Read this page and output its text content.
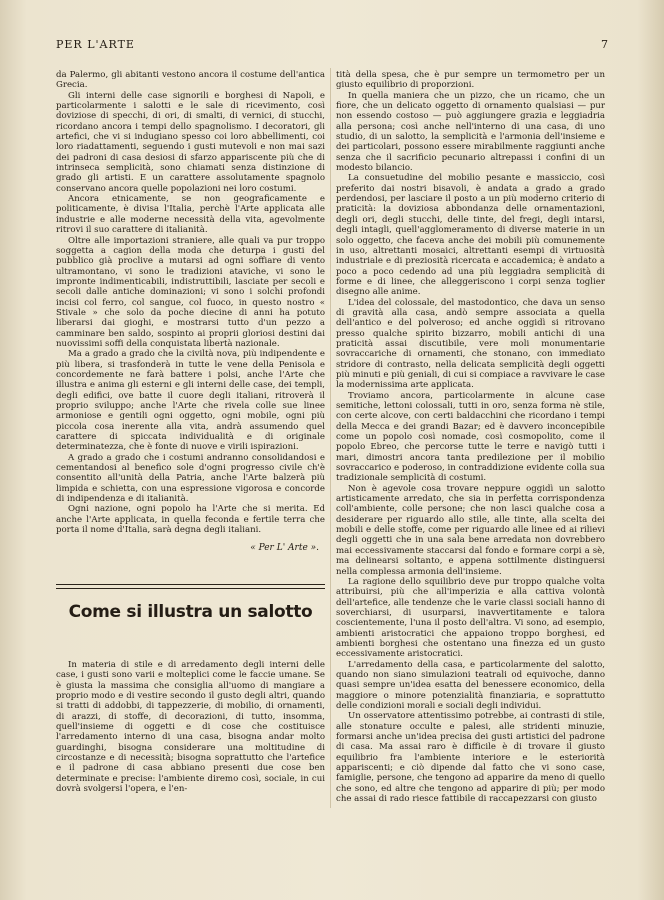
PER L'ARTE	7

da Palermo, gli abitanti vestono ancora il costume dell'antica Grecia.

Gli interni delle case signorili e borghesi di Napoli, e particolarmente i salotti e le sale di ricevimento, così doviziose di specchi, di ori, di smalti, di vernici, di stucchi, ricordano ancora i tempi dello spagnolismo. I decoratori, gli artefici, che vi si indugiano spesso coi loro abbellimenti, coi loro riadattamenti, seguendo i gusti mutevoli e non mai sazi dei padroni di casa desiosi di sfarzo appariscente più che di intrinseca semplicità, sono chiamati senza distinzione di grado gli artisti. E un carattere assolutamente spagnolo conservano ancora quelle popolazioni nei loro costumi.

Ancora etnicamente, se non geograficamente e politicamente, è divisa l'Italia, perchè l'Arte applicata alle industrie e alle moderne necessità della vita, agevolmente ritrovi il suo carattere di italianità.

Oltre alle importazioni straniere, alle quali va pur troppo soggetta a cagion della moda che deturpa i gusti del pubblico già proclive a mutarsi ad ogni soffiare di vento ultramontano, vi sono le tradizioni ataviche, vi sono le impronte indimenticabili, indistruttibili, lasciate per secoli e secoli dalle antiche dominazioni; vi sono i solchi profondi incisi col ferro, col sangue, col fuoco, in questo nostro « Stivale » che solo da poche diecine di anni ha potuto liberarsi dai gioghi, e mostrarsi tutto d'un pezzo a camminare ben saldo, sospinto ai proprii gloriosi destini dai nuovissimi soffi della conquistata libertà nazionale.

Ma a grado a grado che la civiltà nova, più indipendente e più libera, si trasfonderà in tutte le vene della Penisola e concordemente ne farà battere i polsi, anche l'Arte che illustra e anima gli esterni e gli interni delle case, dei templi, degli edifici, ove batte il cuore degli italiani, ritroverà il proprio sviluppo; anche l'Arte che rivela colle sue linee armoniose e gentili ogni oggetto, ogni mobile, ogni più piccola cosa inerente alla vita, andrà assumendo quel carattere di spiccata individualità e di originale determinatezza, che è fonte di nuove e virili ispirazioni.

A grado a grado che i costumi andranno consolidandosi e cementandosi al benefico sole d'ogni progresso civile ch'è consentito all'unità della Patria, anche l'Arte balzerà più limpida e schietta, con una espressione vigorosa e concorde di indipendenza e di italianità.

Ogni nazione, ogni popolo ha l'Arte che si merita. Ed anche l'Arte applicata, in quella feconda e fertile terra che porta il nome d'Italia, sarà degna degli italiani.

« Per L' Arte ».
Come si illustra un salotto

In materia di stile e di arredamento degli interni delle case, i gusti sono varii e molteplici come le faccie umane. Se è giusta la massima che consiglia all'uomo di mangiare a proprio modo e di vestire secondo il gusto degli altri, quando si tratti di addobbi, di tappezzerie, di mobilio, di ornamenti, di arazzi, di stoffe, di decorazioni, di tutto, insomma, quell'insieme di oggetti e di cose che costituisce l'arredamento interno di una casa, bisogna andar molto guardinghi, bisogna considerare una moltitudine di circostanze e di necessità; bisogna soprattutto che l'artefice e il padrone di casa abbiano presenti due cose ben determinate e precise: l'ambiente diremo così, sociale, in cui dovrà svolgersi l'opera, e l'en-

tità della spesa, che è pur sempre un termometro per un giusto equilibrio di proporzioni.

In quella maniera che un pizzo, che un ricamo, che un fiore, che un delicato oggetto di ornamento qualsiasi — pur non essendo costoso — può aggiungere grazia e leggiadria alla persona; così anche nell'interno di una casa, di uno studio, di un salotto, la semplicità e l'armonia dell'insieme e dei particolari, possono essere mirabilmente raggiunti anche senza che il sacrificio pecunario altrepassi i confini di un modesto bilancio.

La consuetudine del mobilio pesante e massiccio, così preferito dai nostri bisavoli, è andata a grado a grado perdendosi, per lasciare il posto a un più moderno criterio di praticità: la doviziosa abbondanza delle ornamentazioni, degli ori, degli stucchi, delle tinte, del fregi, degli intarsi, degli intagli, quell'agglomeramento di diverse materie in un solo oggetto, che faceva anche dei mobili più comunemente in uso, altrettanti mosaici, altrettanti esempi di virtuosità industriale e di preziosità ricercata e accademica; è andato a poco a poco cedendo ad una più leggiadra semplicità di forme e di linee, che alleggeriscono i corpi senza toglier disegno alle anime.

L'idea del colossale, del mastodontico, che dava un senso di gravità alla casa, andò sempre associata a quella dell'antico e del polveroso; ed anche oggidì si ritrovano presso qualche spirito bizzarro, mobili antichi di una praticità assai discutibile, vere moli monumentarie sovraccariche di ornamenti, che stonano, con immediato stridore di contrasto, nella delicata semplicità degli oggetti più minuti e più geniali, di cui si compiace a ravvivare le case la modernissima arte applicata.

Troviamo ancora, particolarmente in alcune case semitiche, lettoni colossali, tutti in oro, senza forma nè stile, con certe alcove, con certi baldacchini che ricordano i tempi della Mecca e dei grandi Bazar; ed è davvero inconcepibile come un popolo così nomade, così cosmopolito, come il popolo Ebreo, che percorse tutte le terre e navigò tutti i mari, dimostri ancora tanta predilezione per il mobilio sovraccarico e poderoso, in contraddizione evidente colla sua tradizionale semplicità di costumi.

Non è agevole cosa trovare neppure oggidì un salotto artisticamente arredato, che sia in perfetta corrispondenza coll'ambiente, colle persone; che non lasci qualche cosa a desiderare per riguardo allo stile, alle tinte, alla scelta dei mobili e delle stoffe, come per riguardo alle linee ed ai rilievi degli oggetti che in una sala bene arredata non dovrebbero mai eccessivamente staccarsi dal fondo e formare corpi a sè, ma delinearsi soltanto, e appena sottilmente distinguersi nella complessa armonia dell'insieme.

La ragione dello squilibrio deve pur troppo qualche volta attribuirsi, più che all'imperizia e alla cattiva volontà dell'artefice, alle tendenze che le varie classi sociali hanno di soverchiarsi, di usurparsi, inavvertitamente e talora coscientemente, l'una il posto dell'altra. Vi sono, ad esempio, ambienti aristocratici che appaiono troppo borghesi, ed ambienti borghesi che ostentano una finezza ed un gusto eccessivamente aristocratici.

L'arredamento della casa, e particolarmente del salotto, quando non siano simulazioni teatrali od equivoche, danno quasi sempre un'idea esatta del benessere economico, della maggiore o minore potenzialità finanziaria, e soprattutto delle condizioni morali e sociali degli individui.

Un osservatore attentissimo potrebbe, ai contrasti di stile, alle stonature occulte e palesi, alle stridenti minuzie, formarsi anche un'idea precisa dei gusti artistici del padrone di casa. Ma assai raro è difficile è di trovare il giusto equilibrio fra l'ambiente interiore e le esteriorità appariscenti; e ciò dipende dal fatto che vi sono case, famiglie, persone, che tengono ad apparire da meno di quello che sono, ed altre che tengono ad apparire di più; per modo che assai di rado riesce fattibile di raccapezzarsi con giusto
